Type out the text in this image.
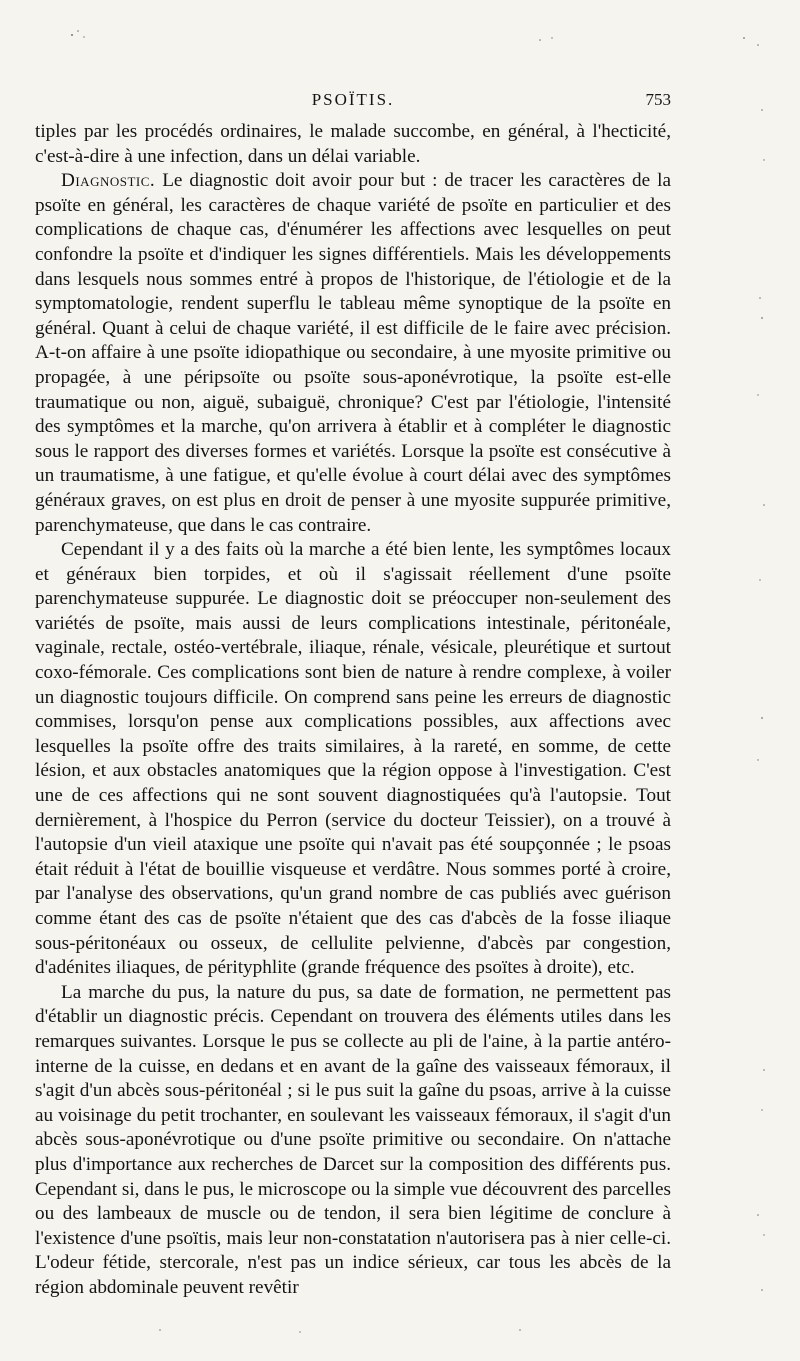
PSOÏTIS.	753

tiples par les procédés ordinaires, le malade succombe, en général, à l'hecticité, c'est-à-dire à une infection, dans un délai variable.

Diagnostic. Le diagnostic doit avoir pour but : de tracer les caractères de la psoïte en général, les caractères de chaque variété de psoïte en particulier et des complications de chaque cas, d'énumérer les affections avec lesquelles on peut confondre la psoïte et d'indiquer les signes différentiels. Mais les développements dans lesquels nous sommes entré à propos de l'historique, de l'étiologie et de la symptomatologie, rendent superflu le tableau même synoptique de la psoïte en général. Quant à celui de chaque variété, il est difficile de le faire avec précision. A-t-on affaire à une psoïte idiopathique ou secondaire, à une myosite primitive ou propagée, à une péripsoïte ou psoïte sous-aponévrotique, la psoïte est-elle traumatique ou non, aiguë, subaiguë, chronique? C'est par l'étiologie, l'intensité des symptômes et la marche, qu'on arrivera à établir et à compléter le diagnostic sous le rapport des diverses formes et variétés. Lorsque la psoïte est consécutive à un traumatisme, à une fatigue, et qu'elle évolue à court délai avec des symptômes généraux graves, on est plus en droit de penser à une myosite suppurée primitive, parenchymateuse, que dans le cas contraire.

Cependant il y a des faits où la marche a été bien lente, les symptômes locaux et généraux bien torpides, et où il s'agissait réellement d'une psoïte parenchymateuse suppurée. Le diagnostic doit se préoccuper non-seulement des variétés de psoïte, mais aussi de leurs complications intestinale, péritonéale, vaginale, rectale, ostéo-vertébrale, iliaque, rénale, vésicale, pleurétique et surtout coxo-fémorale. Ces complications sont bien de nature à rendre complexe, à voiler un diagnostic toujours difficile. On comprend sans peine les erreurs de diagnostic commises, lorsqu'on pense aux complications possibles, aux affections avec lesquelles la psoïte offre des traits similaires, à la rareté, en somme, de cette lésion, et aux obstacles anatomiques que la région oppose à l'investigation. C'est une de ces affections qui ne sont souvent diagnostiquées qu'à l'autopsie. Tout dernièrement, à l'hospice du Perron (service du docteur Teissier), on a trouvé à l'autopsie d'un vieil ataxique une psoïte qui n'avait pas été soupçonnée ; le psoas était réduit à l'état de bouillie visqueuse et verdâtre. Nous sommes porté à croire, par l'analyse des observations, qu'un grand nombre de cas publiés avec guérison comme étant des cas de psoïte n'étaient que des cas d'abcès de la fosse iliaque sous-péritonéaux ou osseux, de cellulite pelvienne, d'abcès par congestion, d'adénites iliaques, de pérityphlite (grande fréquence des psoïtes à droite), etc.

La marche du pus, la nature du pus, sa date de formation, ne permettent pas d'établir un diagnostic précis. Cependant on trouvera des éléments utiles dans les remarques suivantes. Lorsque le pus se collecte au pli de l'aine, à la partie antéro-interne de la cuisse, en dedans et en avant de la gaîne des vaisseaux fémoraux, il s'agit d'un abcès sous-péritonéal ; si le pus suit la gaîne du psoas, arrive à la cuisse au voisinage du petit trochanter, en soulevant les vaisseaux fémoraux, il s'agit d'un abcès sous-aponévrotique ou d'une psoïte primitive ou secondaire. On n'attache plus d'importance aux recherches de Darcet sur la composition des différents pus. Cependant si, dans le pus, le microscope ou la simple vue découvrent des parcelles ou des lambeaux de muscle ou de tendon, il sera bien légitime de conclure à l'existence d'une psoïtis, mais leur non-constatation n'autorisera pas à nier celle-ci. L'odeur fétide, stercorale, n'est pas un indice sérieux, car tous les abcès de la région abdominale peuvent revêtir
